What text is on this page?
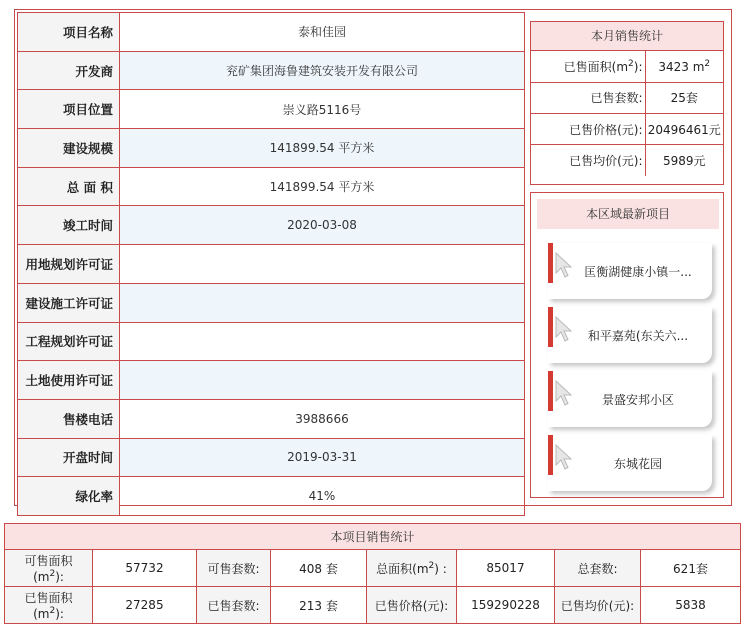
项目名称	泰和佳园
开发商	兖矿集团海鲁建筑安装开发有限公司
项目位置	崇义路5116号
建设规模	141899.54 平方米
总 面 积	141899.54 平方米
竣工时间	2020-03-08
用地规划许可证	
建设施工许可证	
工程规划许可证	
土地使用许可证	
售楼电话	3988666
开盘时间	2019-03-31
绿化率	41%
本月销售统计
已售面积$(m^2)$:	3423 $m^2$
已售套数:	25套
已售价格(元):	20496461元
已售均价(元):	5989元
本区域最新项目
匡衡湖健康小镇一...
和平嘉苑(东关六...
景盛安邦小区
东城花园
本项目销售统计							
可售面积
$(m^2)$:	57732	可售套数:	408 套	总面积$(m^2)$ :	85017	总套数:	621套
已售面积
$(m^2)$:	27285	已售套数:	213 套	已售价格(元):	159290228	已售均价(元):	5838
